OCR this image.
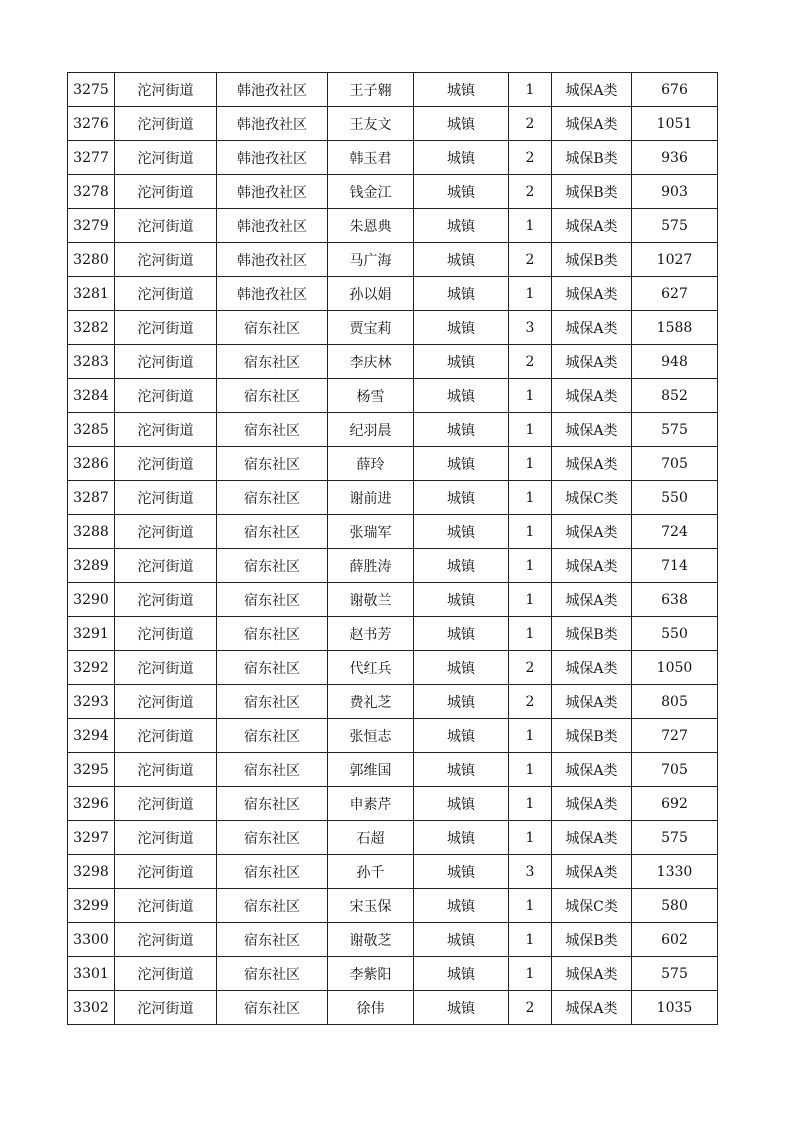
3275	沱河街道	韩池孜社区	王子翱	城镇	1	城保A类	676
3276	沱河街道	韩池孜社区	王友文	城镇	2	城保A类	1051
3277	沱河街道	韩池孜社区	韩玉君	城镇	2	城保B类	936
3278	沱河街道	韩池孜社区	钱金江	城镇	2	城保B类	903
3279	沱河街道	韩池孜社区	朱恩典	城镇	1	城保A类	575
3280	沱河街道	韩池孜社区	马广海	城镇	2	城保B类	1027
3281	沱河街道	韩池孜社区	孙以娟	城镇	1	城保A类	627
3282	沱河街道	宿东社区	贾宝莉	城镇	3	城保A类	1588
3283	沱河街道	宿东社区	李庆林	城镇	2	城保A类	948
3284	沱河街道	宿东社区	杨雪	城镇	1	城保A类	852
3285	沱河街道	宿东社区	纪羽晨	城镇	1	城保A类	575
3286	沱河街道	宿东社区	薛玲	城镇	1	城保A类	705
3287	沱河街道	宿东社区	谢前进	城镇	1	城保C类	550
3288	沱河街道	宿东社区	张瑞军	城镇	1	城保A类	724
3289	沱河街道	宿东社区	薛胜涛	城镇	1	城保A类	714
3290	沱河街道	宿东社区	谢敬兰	城镇	1	城保A类	638
3291	沱河街道	宿东社区	赵书芳	城镇	1	城保B类	550
3292	沱河街道	宿东社区	代红兵	城镇	2	城保A类	1050
3293	沱河街道	宿东社区	费礼芝	城镇	2	城保A类	805
3294	沱河街道	宿东社区	张恒志	城镇	1	城保B类	727
3295	沱河街道	宿东社区	郭维国	城镇	1	城保A类	705
3296	沱河街道	宿东社区	申素芹	城镇	1	城保A类	692
3297	沱河街道	宿东社区	石超	城镇	1	城保A类	575
3298	沱河街道	宿东社区	孙千	城镇	3	城保A类	1330
3299	沱河街道	宿东社区	宋玉保	城镇	1	城保C类	580
3300	沱河街道	宿东社区	谢敬芝	城镇	1	城保B类	602
3301	沱河街道	宿东社区	李紫阳	城镇	1	城保A类	575
3302	沱河街道	宿东社区	徐伟	城镇	2	城保A类	1035
